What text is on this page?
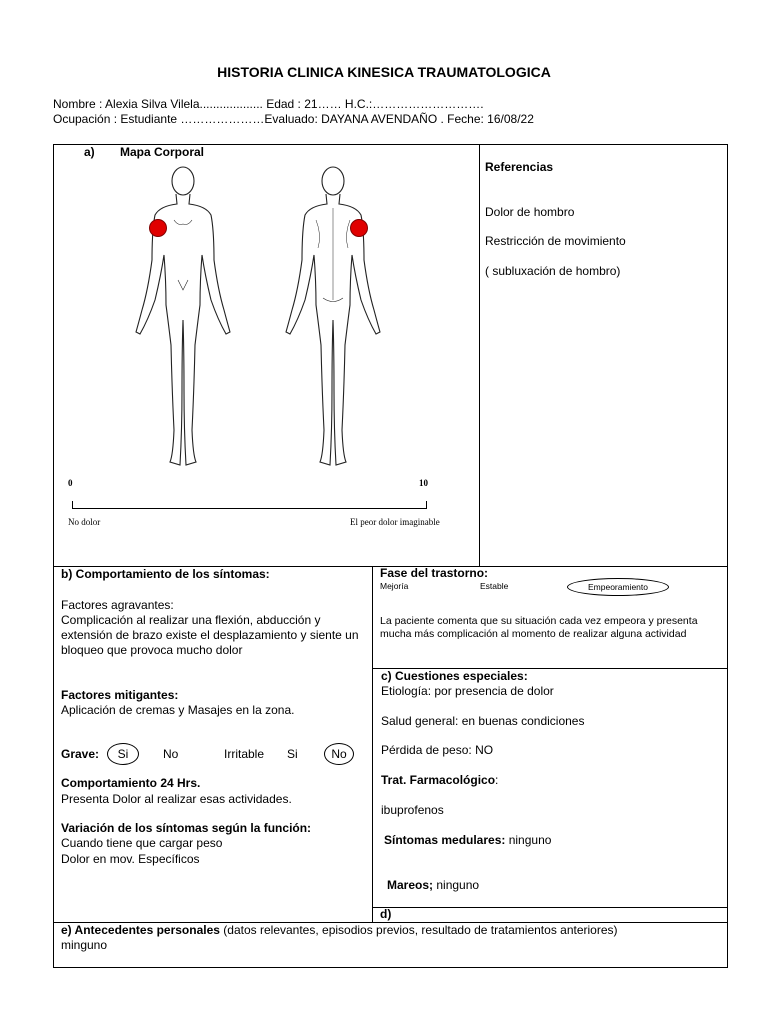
HISTORIA CLINICA KINESICA TRAUMATOLOGICA
Nombre : Alexia Silva Vilela................... Edad : 21…… H.C.:……………………….
Ocupación : Estudiante …………………Evaluado: DAYANA AVENDAÑO . Feche: 16/08/22
a) Mapa Corporal
0	10
No dolor	El peor dolor imaginable
Referencias
Dolor de hombro
Restricción de movimiento
( subluxación de hombro)
b) Comportamiento de los síntomas:
Factores agravantes:
Complicación al realizar una flexión, abducción y extensión de brazo existe el desplazamiento y siente un bloqueo que provoca mucho dolor
Factores mitigantes:
Aplicación de cremas y Masajes en la zona.
Grave:	Si	No	Irritable Si	No
Comportamiento 24 Hrs.
Presenta Dolor al realizar esas actividades.
Variación de los síntomas según la función:
Cuando tiene que cargar peso
Dolor en mov. Específicos
Fase del trastorno:
Mejoría	Estable	Empeoramiento
La paciente comenta que su situación cada vez empeora y presenta mucha más complicación al momento de realizar alguna actividad
c) Cuestiones especiales:
Etiología: por presencia de dolor
Salud general: en buenas condiciones
Pérdida de peso: NO
Trat. Farmacológico:
ibuprofenos
Síntomas medulares: ninguno
Mareos; ninguno
d)
e) Antecedentes personales (datos relevantes, episodios previos, resultado de tratamientos anteriores)
minguno
